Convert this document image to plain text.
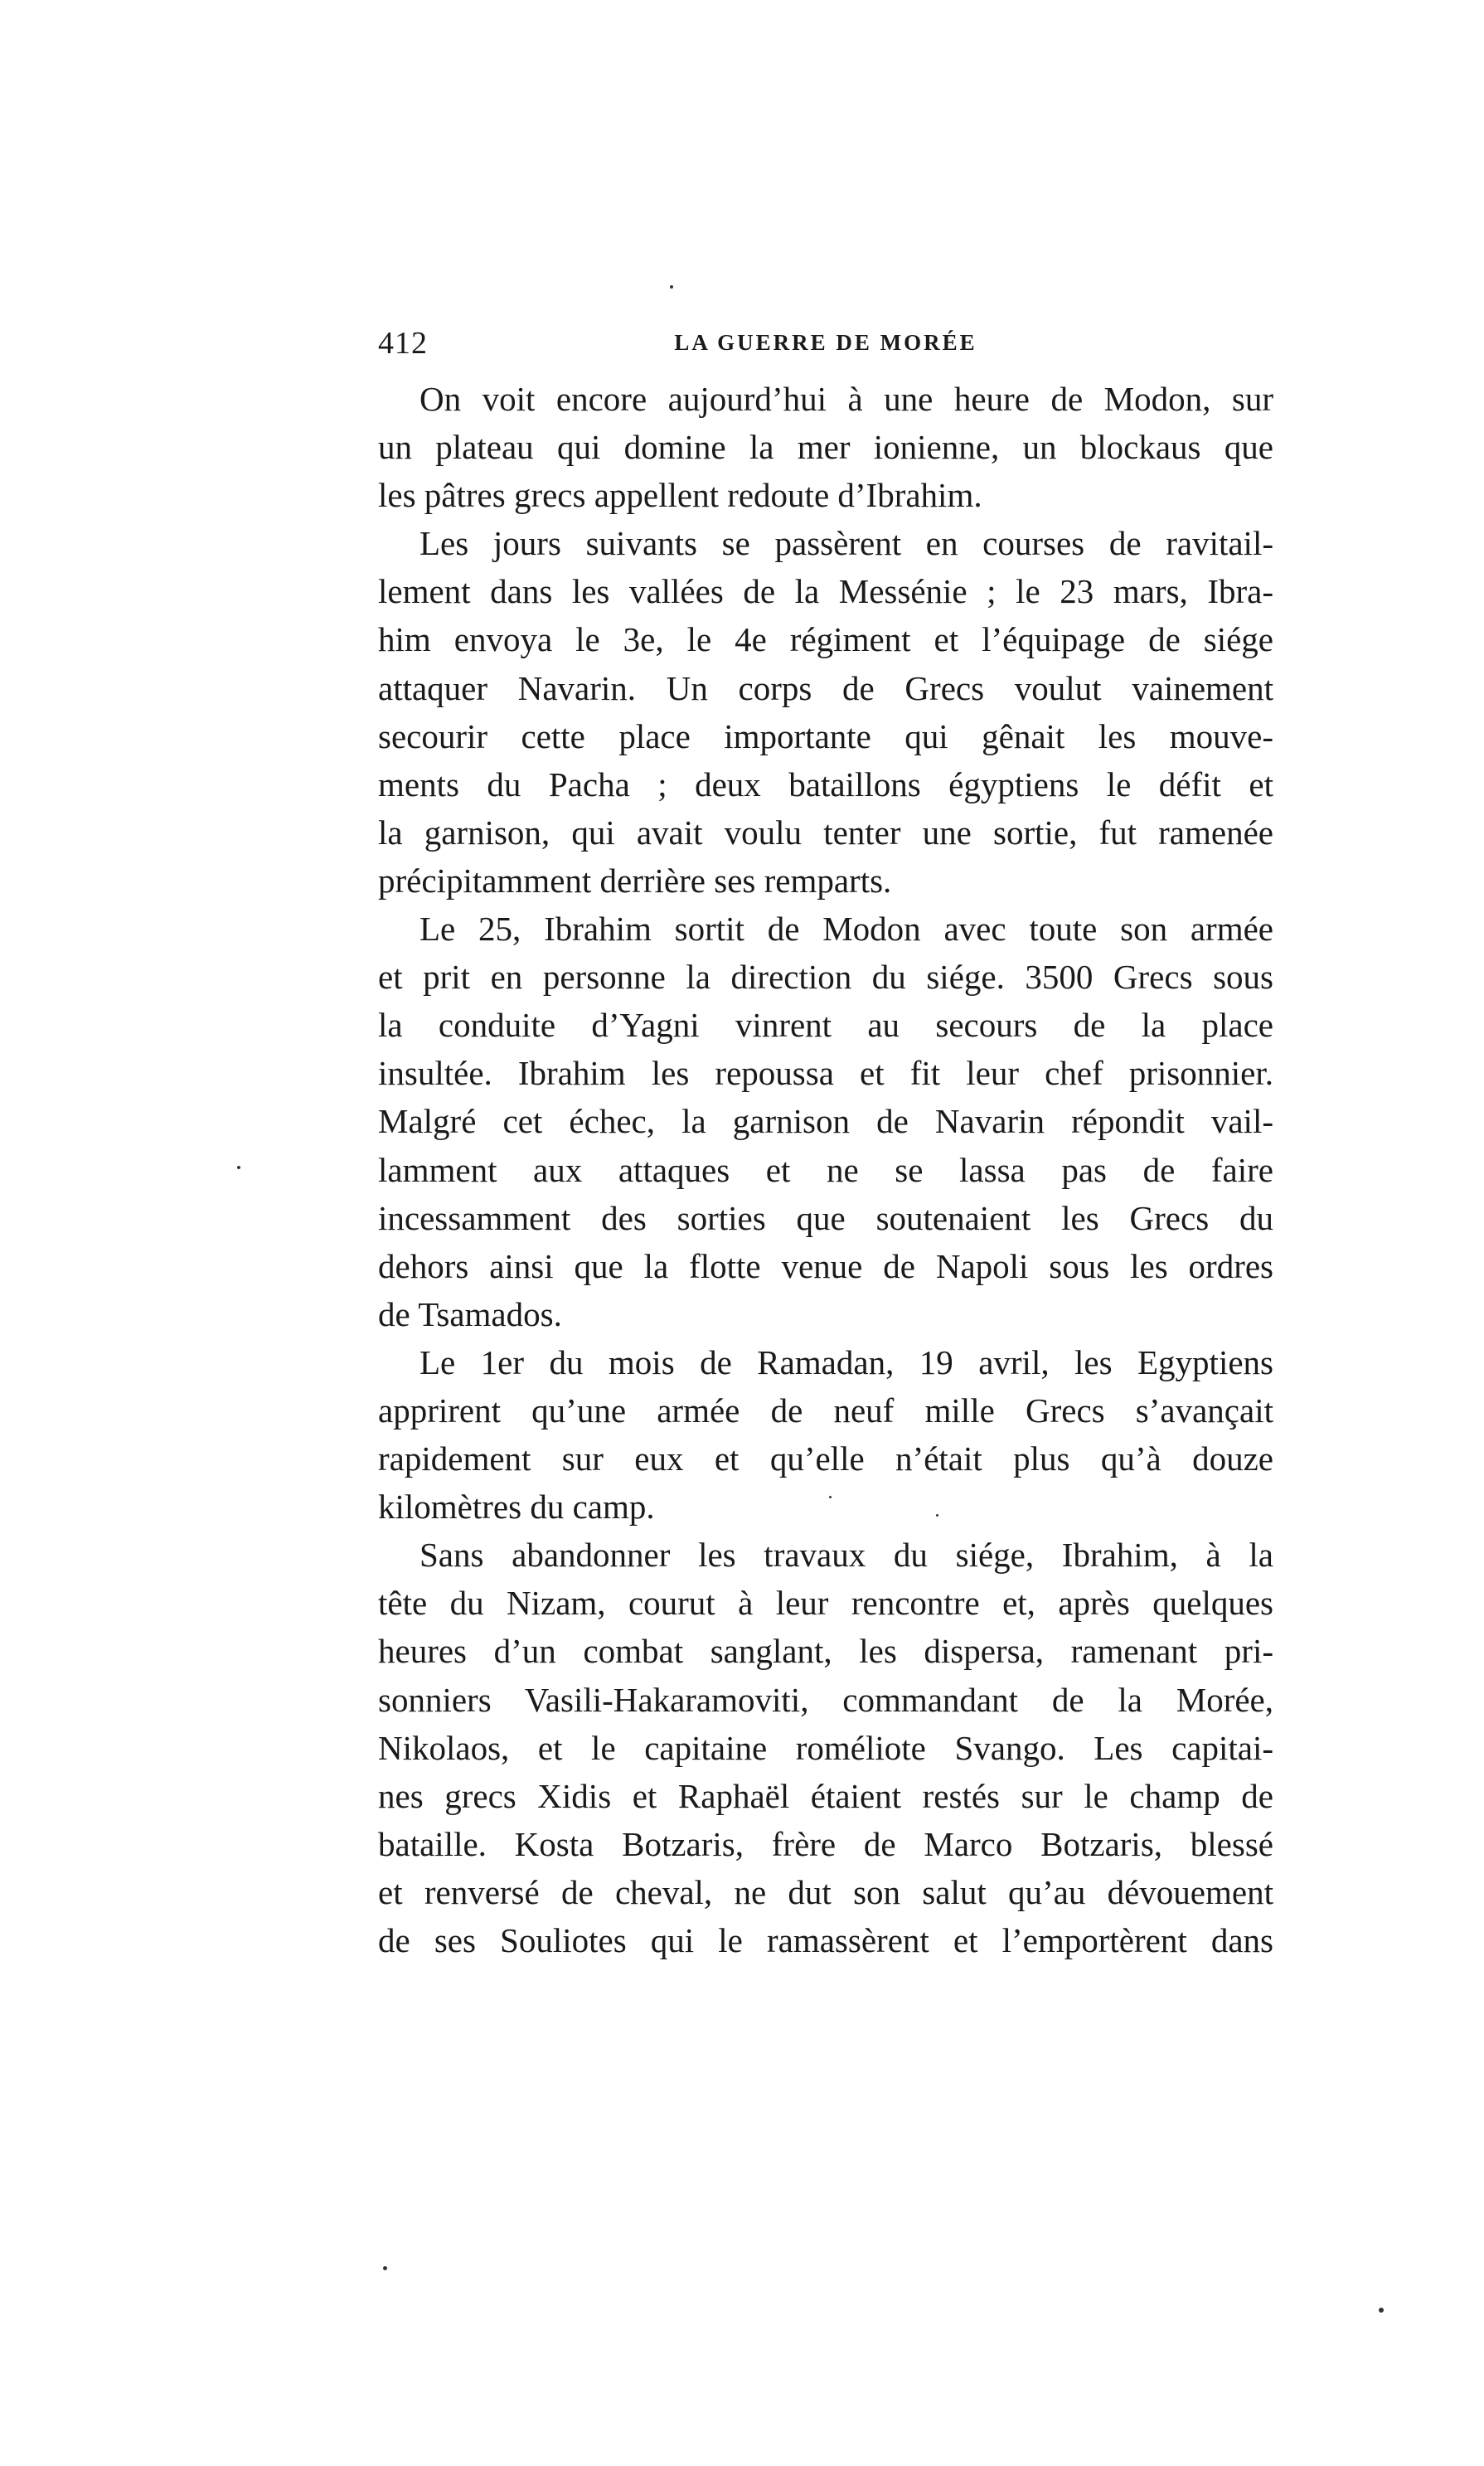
412	LA GUERRE DE MORÉE
On voit encore aujourd’hui à une heure de Modon, sur
un plateau qui domine la mer ionienne, un blockaus que
les pâtres grecs appellent redoute d’Ibrahim.
Les jours suivants se passèrent en courses de ravitail-
lement dans les vallées de la Messénie ; le 23 mars, Ibra-
him envoya le 3e, le 4e régiment et l’équipage de siége
attaquer Navarin. Un corps de Grecs voulut vainement
secourir cette place importante qui gênait les mouve-
ments du Pacha ; deux bataillons égyptiens le défit et
la garnison, qui avait voulu tenter une sortie, fut ramenée
précipitamment derrière ses remparts.
Le 25, Ibrahim sortit de Modon avec toute son armée
et prit en personne la direction du siége. 3500 Grecs sous
la conduite d’Yagni vinrent au secours de la place
insultée. Ibrahim les repoussa et fit leur chef prisonnier.
Malgré cet échec, la garnison de Navarin répondit vail-
lamment aux attaques et ne se lassa pas de faire
incessamment des sorties que soutenaient les Grecs du
dehors ainsi que la flotte venue de Napoli sous les ordres
de Tsamados.
Le 1er du mois de Ramadan, 19 avril, les Egyptiens
apprirent qu’une armée de neuf mille Grecs s’avançait
rapidement sur eux et qu’elle n’était plus qu’à douze
kilomètres du camp.
Sans abandonner les travaux du siége, Ibrahim, à la
tête du Nizam, courut à leur rencontre et, après quelques
heures d’un combat sanglant, les dispersa, ramenant pri-
sonniers Vasili-Hakaramoviti, commandant de la Morée,
Nikolaos, et le capitaine roméliote Svango. Les capitai-
nes grecs Xidis et Raphaël étaient restés sur le champ de
bataille. Kosta Botzaris, frère de Marco Botzaris, blessé
et renversé de cheval, ne dut son salut qu’au dévouement
de ses Souliotes qui le ramassèrent et l’emportèrent dans
